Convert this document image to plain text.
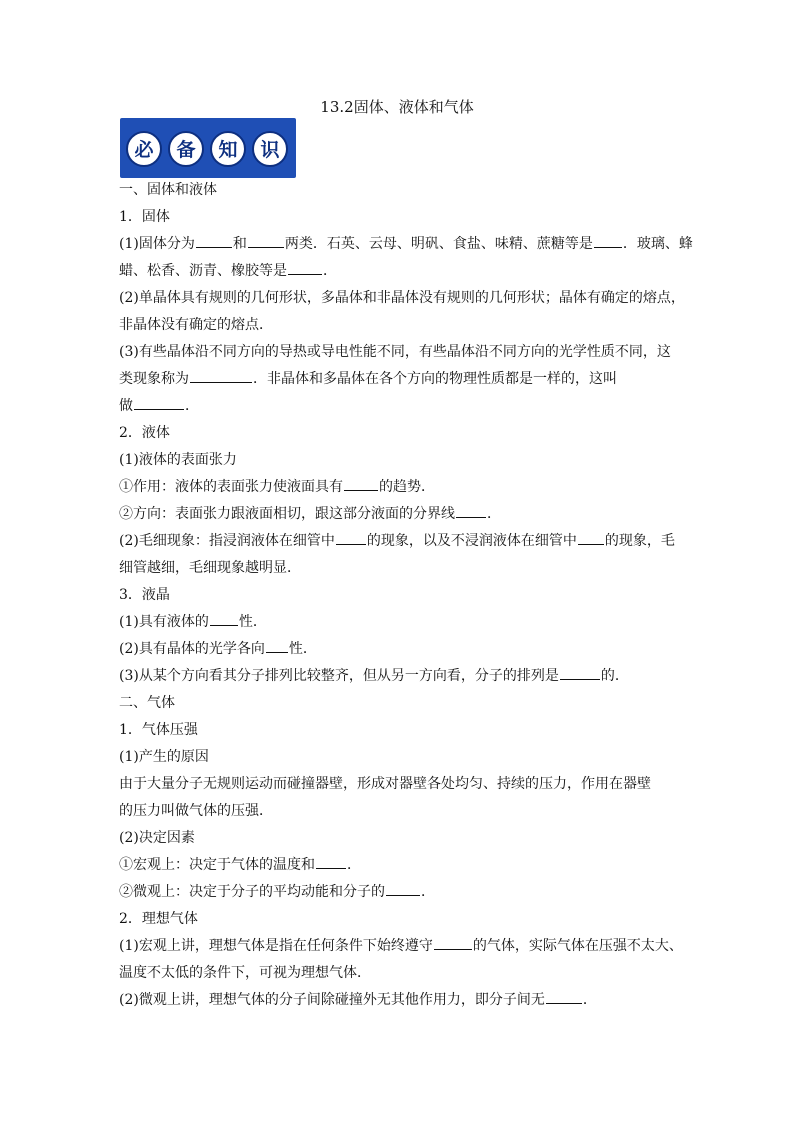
13.2固体、液体和气体
必 备 知 识
一、固体和液体
1．固体
(1)固体分为	和	两类．石英、云母、明矾、食盐、味精、蔗糖等是 ．玻璃、蜂
蜡、松香、沥青、橡胶等是	．
(2)单晶体具有规则的几何形状，多晶体和非晶体没有规则的几何形状；晶体有确定的熔点，
非晶体没有确定的熔点．
(3)有些晶体沿不同方向的导热或导电性能不同，有些晶体沿不同方向的光学性质不同，这
类现象称为	．非晶体和多晶体在各个方向的物理性质都是一样的，这叫
做	．
2．液体
(1)液体的表面张力
①作用：液体的表面张力使液面具有	的趋势．
②方向：表面张力跟液面相切，跟这部分液面的分界线 ．
(2)毛细现象：指浸润液体在细管中 的现象，以及不浸润液体在细管中 的现象，毛
细管越细，毛细现象越明显．
3．液晶
(1)具有液体的 性．
(2)具有晶体的光学各向 性．
(3)从某个方向看其分子排列比较整齐，但从另一方向看，分子的排列是	的．
二、气体
1．气体压强
(1)产生的原因
由于大量分子无规则运动而碰撞器壁，形成对器壁各处均匀、持续的压力，作用在器壁
的压力叫做气体的压强．
(2)决定因素
①宏观上：决定于气体的温度和 ．
②微观上：决定于分子的平均动能和分子的	．
2．理想气体
(1)宏观上讲，理想气体是指在任何条件下始终遵守	的气体，实际气体在压强不太大、
温度不太低的条件下，可视为理想气体．
(2)微观上讲，理想气体的分子间除碰撞外无其他作用力，即分子间无	．
